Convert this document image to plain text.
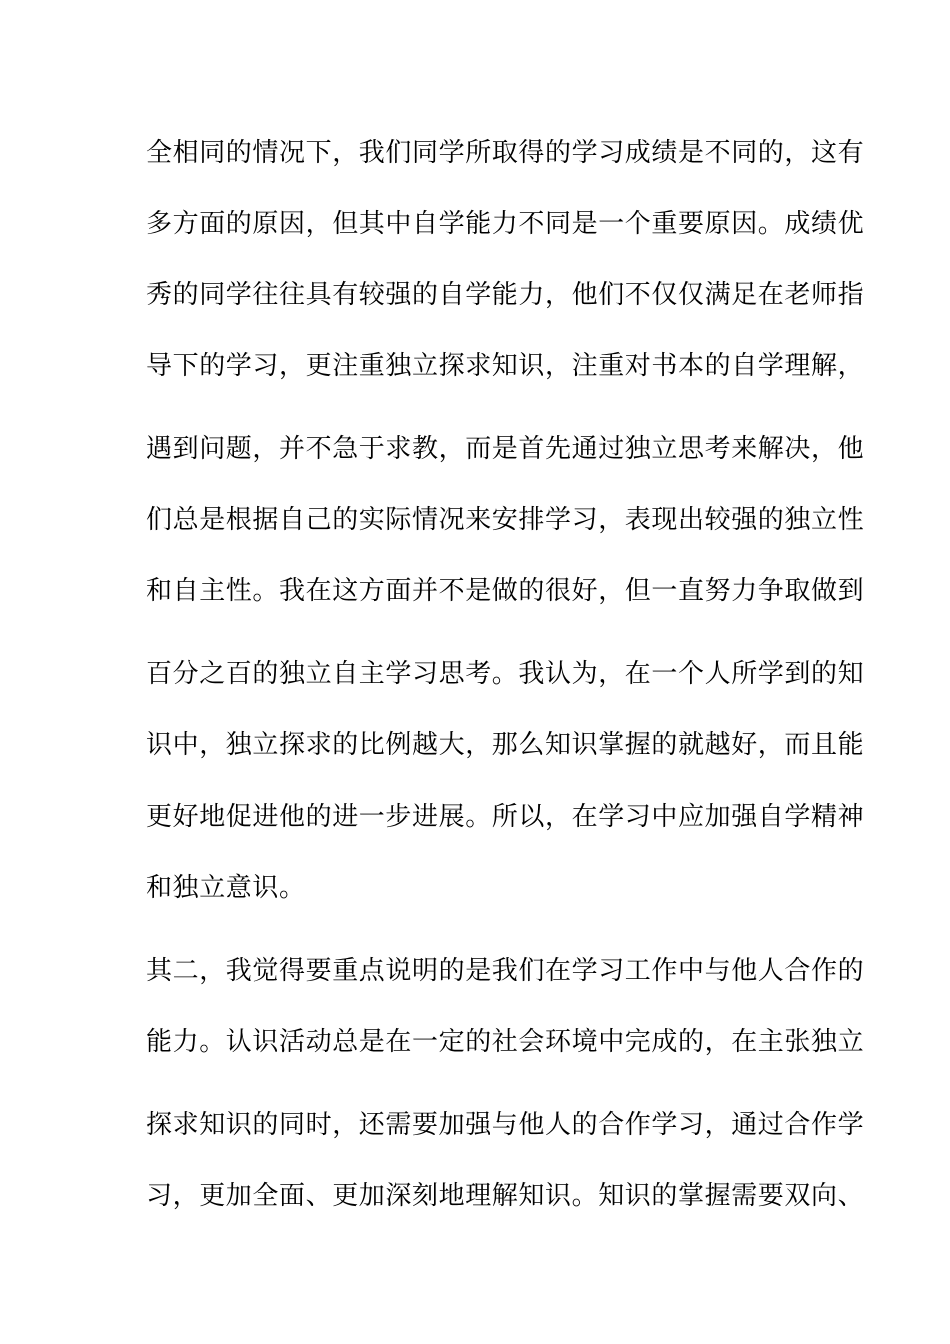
全相同的情况下，我们同学所取得的学习成绩是不同的，这有
多方面的原因，但其中自学能力不同是一个重要原因。成绩优
秀的同学往往具有较强的自学能力，他们不仅仅满足在老师指
导下的学习，更注重独立探求知识，注重对书本的自学理解，
遇到问题，并不急于求教，而是首先通过独立思考来解决，他
们总是根据自己的实际情况来安排学习，表现出较强的独立性
和自主性。我在这方面并不是做的很好，但一直努力争取做到
百分之百的独立自主学习思考。我认为，在一个人所学到的知
识中，独立探求的比例越大，那么知识掌握的就越好，而且能
更好地促进他的进一步进展。所以，在学习中应加强自学精神
和独立意识。
其二，我觉得要重点说明的是我们在学习工作中与他人合作的
能力。认识活动总是在一定的社会环境中完成的，在主张独立
探求知识的同时，还需要加强与他人的合作学习，通过合作学
习，更加全面、更加深刻地理解知识。知识的掌握需要双向、
